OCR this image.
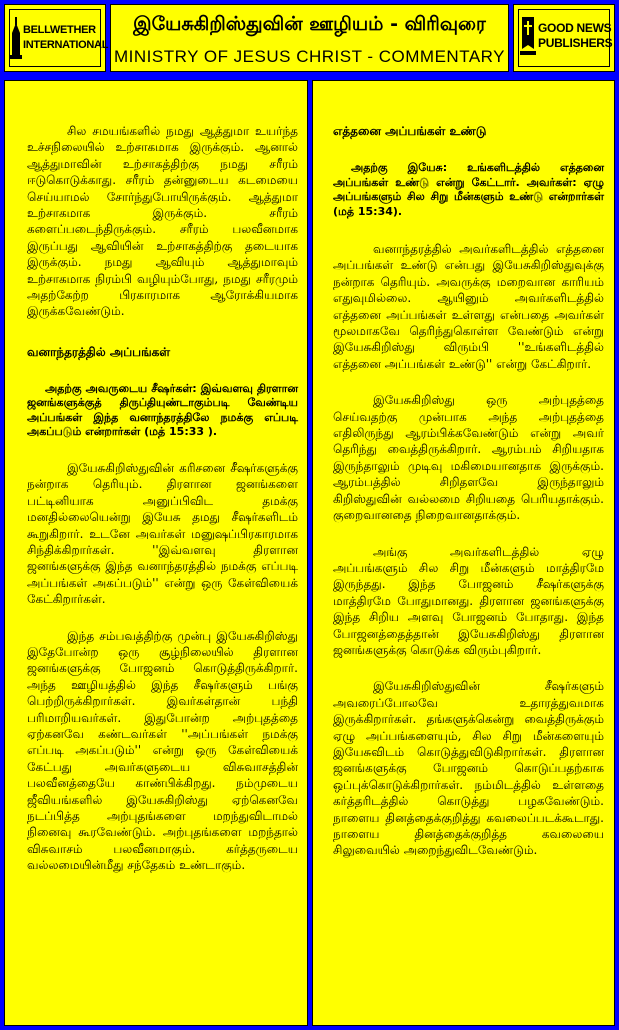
BELLWETHER
INTERNATIONAL
இயேசுகிறிஸ்துவின் ஊழியம் - விரிவுரை
MINISTRY OF JESUS CHRIST - COMMENTARY
GOOD NEWS
PUBLISHERS

சில சமயங்களில் நமது ஆத்துமா உயர்ந்த உச்சநிலையில் உற்சாகமாக இருக்கும். ஆனால் ஆத்துமாவின் உற்சாகத்திற்கு நமது சரீரம் ஈடுகொடுக்காது. சரீரம் தன்னுடைய கடமையை செய்யாமல் சோர்ந்துபோயிருக்கும். ஆத்துமா உற்சாகமாக இருக்கும். சரீரம் களைப்படைந்திருக்கும். சரீரம் பலவீனமாக இருப்பது ஆவியின் உற்சாகத்திற்கு தடையாக இருக்கும். நமது ஆவியும் ஆத்துமாவும் உற்சாகமாக நிரம்பி வழியும்போது, நமது சரீரமும் அதற்கேற்ற பிரகாரமாக ஆரோக்கியமாக இருக்கவேண்டும்.

வனாந்தரத்தில் அப்பங்கள்

அதற்கு அவருடைய சீஷர்கள்: இவ்வளவு திரளான ஜனங்களுக்குத் திருப்தியுண்டாகும்படி வேண்டிய அப்பங்கள் இந்த வனாந்தரத்திலே நமக்கு எப்படி அகப்படும் என்றார்கள் (மத் 15:33 ).

இயேசுகிறிஸ்துவின் கரிசனை சீஷர்களுக்கு நன்றாக தெரியும். திரளான ஜனங்களை பட்டினியாக அனுப்பிவிட தமக்கு மனதில்லையென்று இயேசு தமது சீஷர்களிடம் கூறுகிறார். உடனே அவர்கள் மனுஷப்பிரகாரமாக சிந்திக்கிறார்கள். ''இவ்வளவு திரளான ஜனங்களுக்கு இந்த வனாந்தரத்தில் நமக்கு எப்படி அப்பங்கள் அகப்படும்'' என்று ஒரு கேள்வியைக் கேட்கிறார்கள்.

இந்த சம்பவத்திற்கு முன்பு இயேசுகிறிஸ்து இதேபோன்ற ஒரு சூழ்நிலையில் திரளான ஜனங்களுக்கு போஜனம் கொடுத்திருக்கிறார். அந்த ஊழியத்தில் இந்த சீஷர்களும் பங்கு பெற்றிருக்கிறார்கள். இவர்கள்தான் பந்தி பரிமாறியவர்கள். இதுபோன்ற அற்புதத்தை ஏற்கனவே கண்டவர்கள் ''அப்பங்கள் நமக்கு எப்படி அகப்படும்'' என்று ஒரு கேள்வியைக் கேட்பது அவர்களுடைய விசுவாசத்தின் பலவீனத்தையே காண்பிக்கிறது. நம்முடைய ஜீவியங்களில் இயேசுகிறிஸ்து ஏற்கெனவே நடப்பித்த அற்புதங்களை மறந்துவிடாமல் நினைவு கூரவேண்டும். அற்புதங்களை மறந்தால் விசுவாசம் பலவீனமாகும். கர்த்தருடைய வல்லமையின்மீது சந்தேகம் உண்டாகும்.

எத்தனை அப்பங்கள் உண்டு

அதற்கு இயேசு: உங்களிடத்தில் எத்தனை அப்பங்கள் உண்டு என்று கேட்டார். அவர்கள்: ஏழு அப்பங்களும் சில சிறு மீன்களும் உண்டு என்றார்கள் (மத் 15:34).

வனாந்தரத்தில் அவர்களிடத்தில் எத்தனை அப்பங்கள் உண்டு என்பது இயேசுகிறிஸ்துவுக்கு நன்றாக தெரியும். அவருக்கு மறைவான காரியம் எதுவுமில்லை. ஆயினும் அவர்களிடத்தில் எத்தனை அப்பங்கள் உள்ளது என்பதை அவர்கள் மூலமாகவே தெரிந்துகொள்ள வேண்டும் என்று இயேசுகிறிஸ்து விரும்பி ''உங்களிடத்தில் எத்தனை அப்பங்கள் உண்டு'' என்று கேட்கிறார்.

இயேசுகிறிஸ்து ஒரு அற்புதத்தை செய்வதற்கு முன்பாக அந்த அற்புதத்தை எதிலிருந்து ஆரம்பிக்கவேண்டும் என்று அவர் தெரிந்து வைத்திருக்கிறார். ஆரம்பம் சிறியதாக இருந்தாலும் முடிவு மகிமையானதாக இருக்கும். ஆரம்பத்தில் சிறிதளவே இருந்தாலும் கிறிஸ்துவின் வல்லமை சிறியதை பெரியதாக்கும். குறைவானதை நிறைவானதாக்கும்.

அங்கு அவர்களிடத்தில் ஏழு அப்பங்களும் சில சிறு மீன்களும் மாத்திரமே இருந்தது. இந்த போஜனம் சீஷர்களுக்கு மாத்திரமே போதுமானது. திரளான ஜனங்களுக்கு இந்த சிறிய அளவு போஜனம் போதாது. இந்த போஜனத்தைத்தான் இயேசுகிறிஸ்து திரளான ஜனங்களுக்கு கொடுக்க விரும்புகிறார்.

இயேசுகிறிஸ்துவின் சீஷர்களும் அவரைப்போலவே உதாரத்துவமாக இருக்கிறார்கள். தங்களுக்கென்று வைத்திருக்கும் ஏழு அப்பங்களையும், சில சிறு மீன்களையும் இயேசுவிடம் கொடுத்துவிடுகிறார்கள். திரளான ஜனங்களுக்கு போஜனம் கொடுப்பதற்காக ஒப்புக்கொடுக்கிறார்கள். நம்மிடத்தில் உள்ளதை கர்த்தரிடத்தில் கொடுத்து பழகவேண்டும். நாளைய தினத்தைக்குறித்து கவலைப்படக்கூடாது. நாளைய தினத்தைக்குறித்த கவலையை சிலுவையில் அறைந்துவிடவேண்டும்.
